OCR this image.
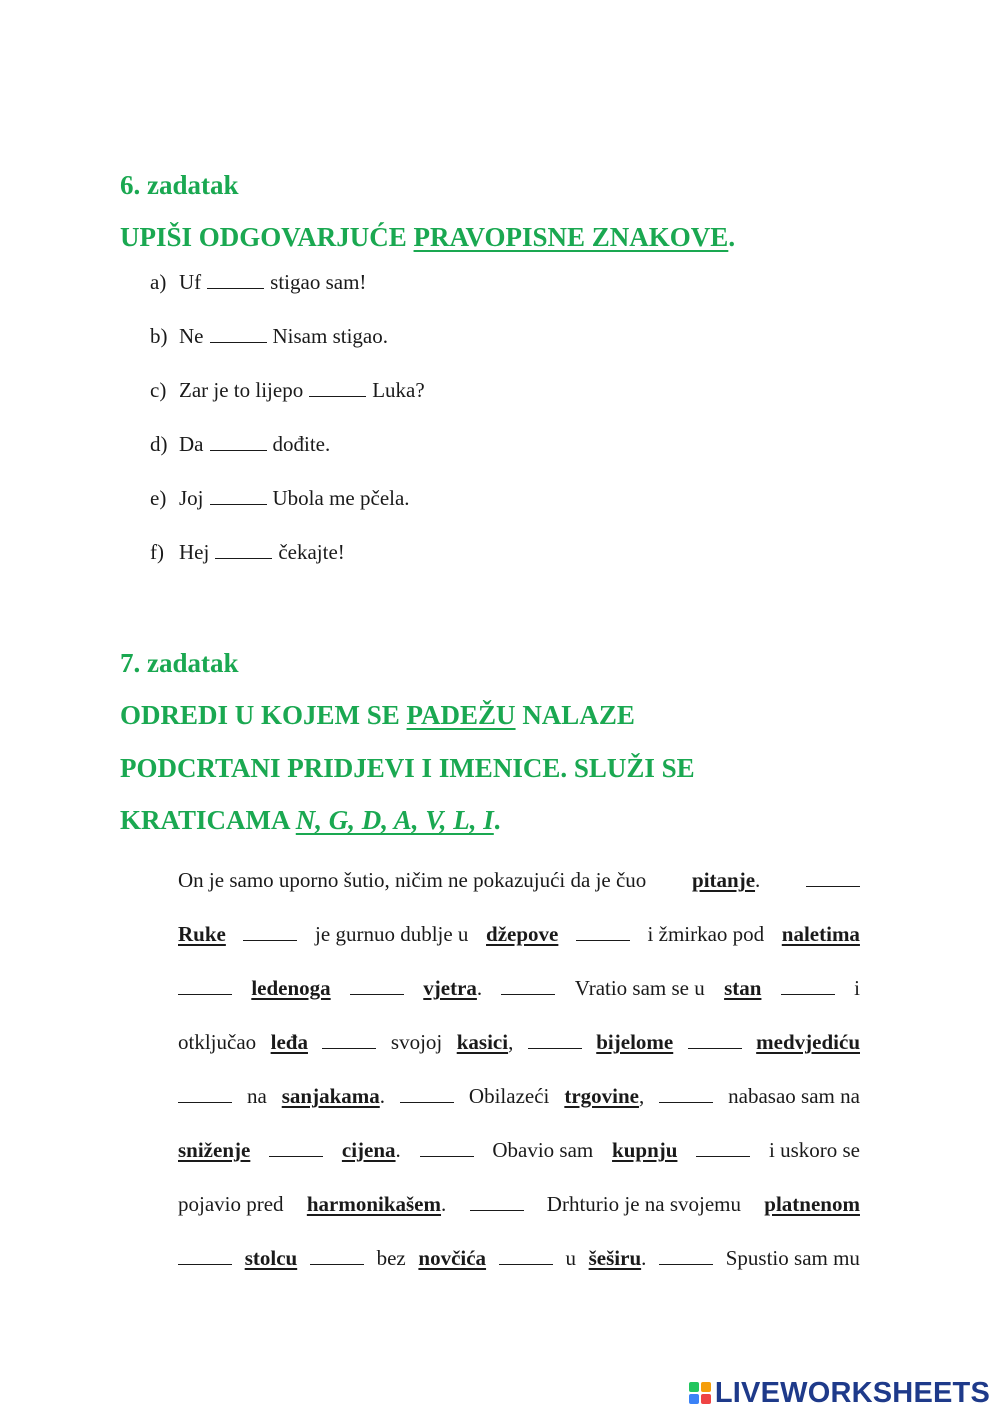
6. zadatak
UPIŠI ODGOVARJUĆE PRAVOPISNE ZNAKOVE.
a) Uf	stigao sam!
b) Ne	Nisam stigao.
c) Zar je to lijepo	Luka?
d) Da	dođite.
e) Joj	Ubola me pčela.
f) Hej	čekajte!
7. zadatak
ODREDI U KOJEM SE PADEŽU NALAZE
PODCRTANI PRIDJEVI I IMENICE. SLUŽI SE
KRATICAMA N, G, D, A, V, L, I.
On je samo uporno šutio, ničim ne pokazujući da je čuo pitanje.
Ruke	je gurnuo dublje u džepove	i žmirkao pod naletima
ledenoga	vjetra.	Vratio sam se u stan	i
otključao leđa	svojoj kasici,	bijelome	medvjediću
na sanjakama.	Obilazeći trgovine,	nabasao sam na
sniženje	cijena.	Obavio sam kupnju	i uskoro se
pojavio pred harmonikašem.	Drhturio je na svojemu platnenom
stolcu	bez novčića	u šeširu.	Spustio sam mu
LIVEWORKSHEETS
